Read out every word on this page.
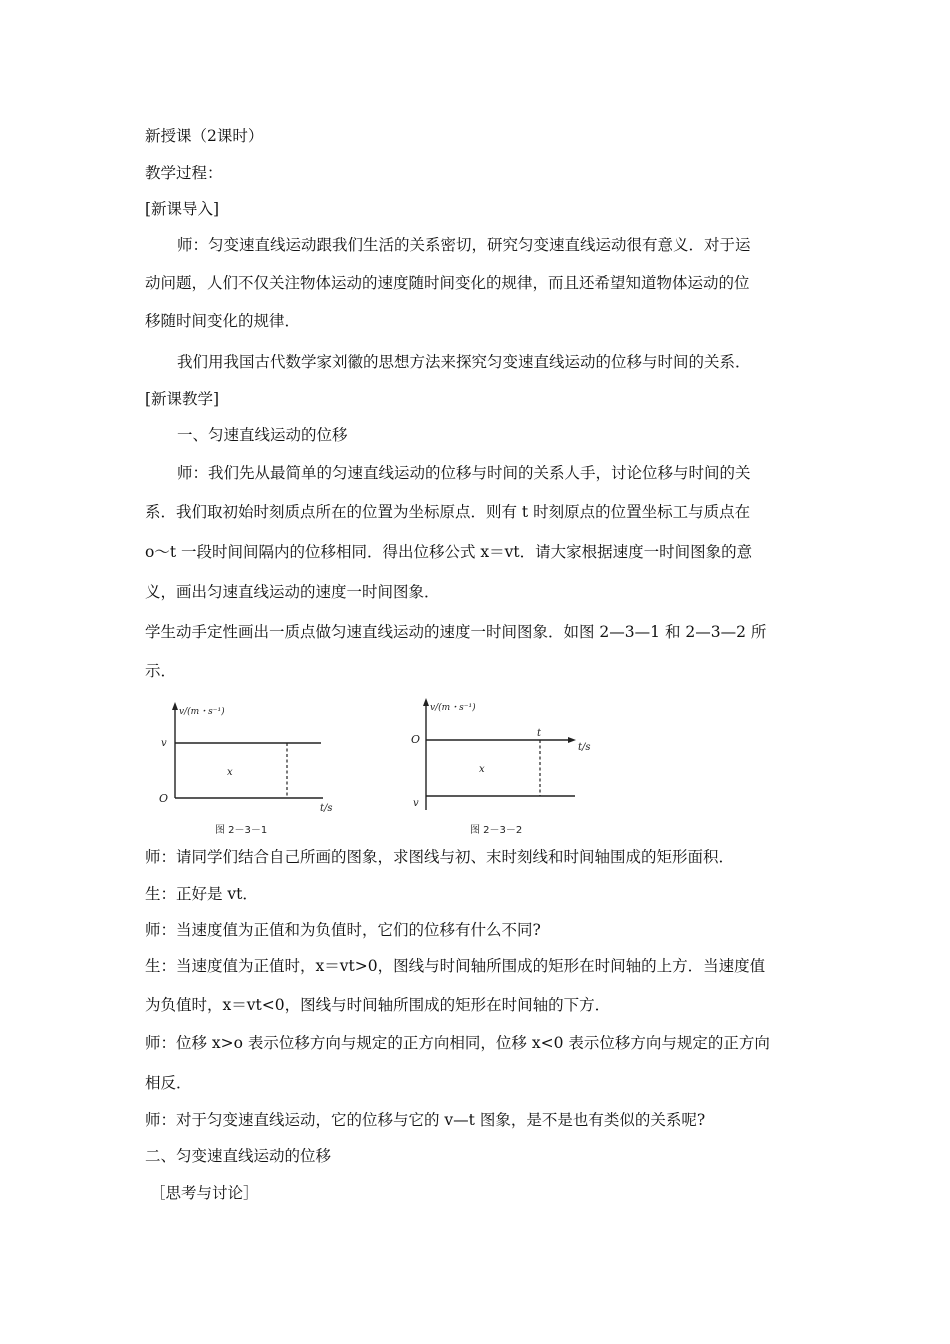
新授课（2课时）
教学过程：
[新课导入]
师：匀变速直线运动跟我们生活的关系密切，研究匀变速直线运动很有意义．对于运
动问题，人们不仅关注物体运动的速度随时间变化的规律，而且还希望知道物体运动的位
移随时间变化的规律．
我们用我国古代数学家刘徽的思想方法来探究匀变速直线运动的位移与时间的关系．
[新课教学]
一、匀速直线运动的位移
师：我们先从最简单的匀速直线运动的位移与时间的关系人手，讨论位移与时间的关
系．我们取初始时刻质点所在的位置为坐标原点．则有 t 时刻原点的位置坐标工与质点在
o～t 一段时间间隔内的位移相同．得出位移公式 x＝vt．请大家根据速度一时间图象的意
义，画出匀速直线运动的速度一时间图象．
学生动手定性画出一质点做匀速直线运动的速度一时间图象．如图 2—3—1 和 2—3—2 所
示．
v/(m・s⁻¹)
v
O
x
t/s
图 2－3－1
v/(m・s⁻¹)
O	t
t/s
x
v
图 2－3－2
师：请同学们结合自己所画的图象，求图线与初、末时刻线和时间轴围成的矩形面积．
生：正好是 vt．
师：当速度值为正值和为负值时，它们的位移有什么不同?
生：当速度值为正值时，x＝vt>0，图线与时间轴所围成的矩形在时间轴的上方．当速度值
为负值时，x＝vt<0，图线与时间轴所围成的矩形在时间轴的下方．
师：位移 x>o 表示位移方向与规定的正方向相同，位移 x<0 表示位移方向与规定的正方向
相反．
师：对于匀变速直线运动，它的位移与它的 v—t 图象，是不是也有类似的关系呢?
二、匀变速直线运动的位移
［思考与讨论］
